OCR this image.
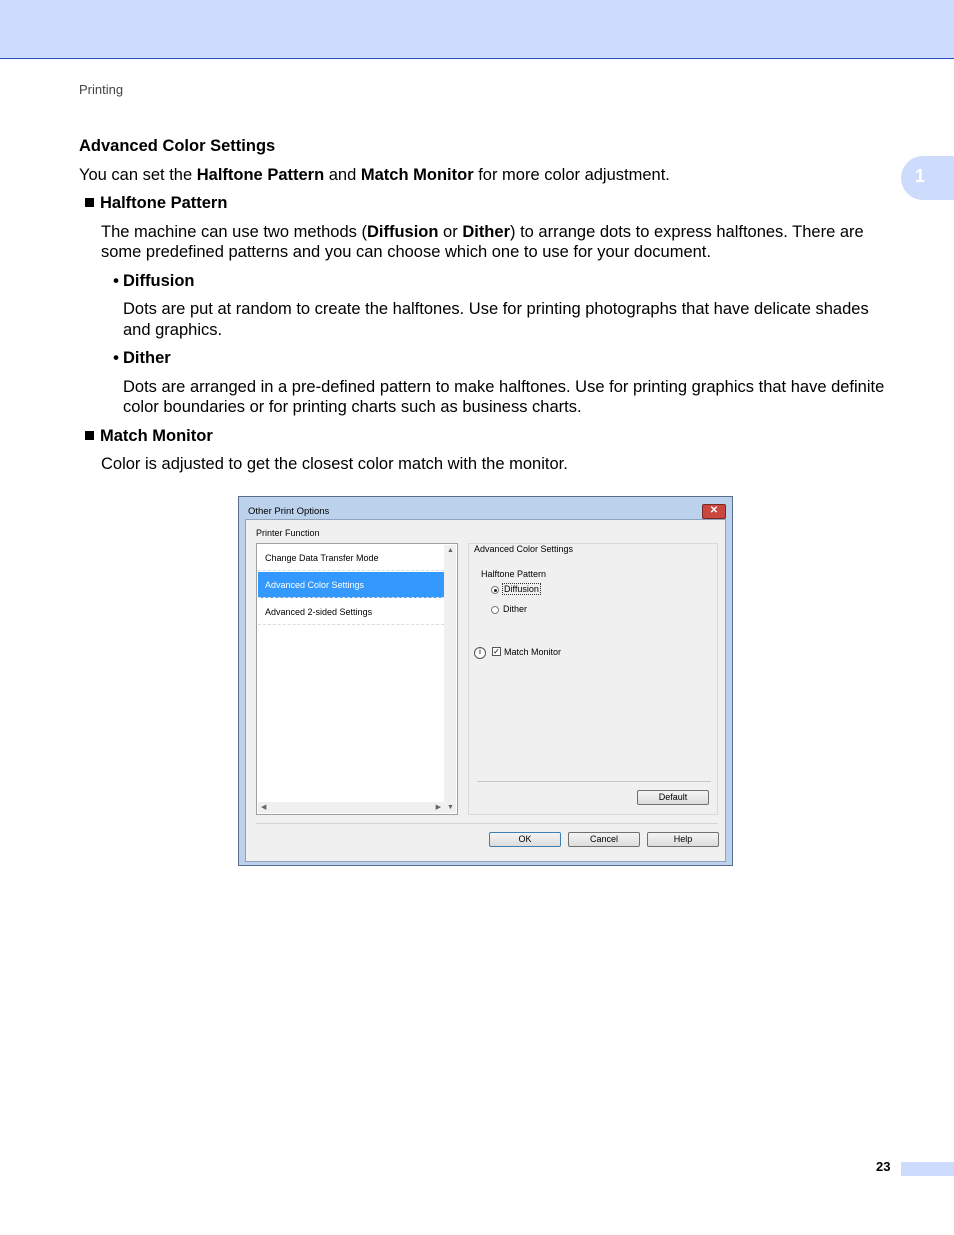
Printing
1

Advanced Color Settings

You can set the Halftone Pattern and Match Monitor for more color adjustment.

Halftone Pattern

The machine can use two methods (Diffusion or Dither) to arrange dots to express halftones. There are some predefined patterns and you can choose which one to use for your document.

• Diffusion

Dots are put at random to create the halftones. Use for printing photographs that have delicate shades and graphics.

• Dither

Dots are arranged in a pre-defined pattern to make halftones. Use for printing graphics that have definite color boundaries or for printing charts such as business charts.

Match Monitor

Color is adjusted to get the closest color match with the monitor.

Other Print Options	✕
Printer Function
Change Data Transfer Mode
Advanced Color Settings
Advanced 2-sided Settings
▲
▼
◀	▶
Advanced Color Settings
Halftone Pattern
Diffusion
Dither
i	✓ Match Monitor
Default
OK	Cancel	Help
23
